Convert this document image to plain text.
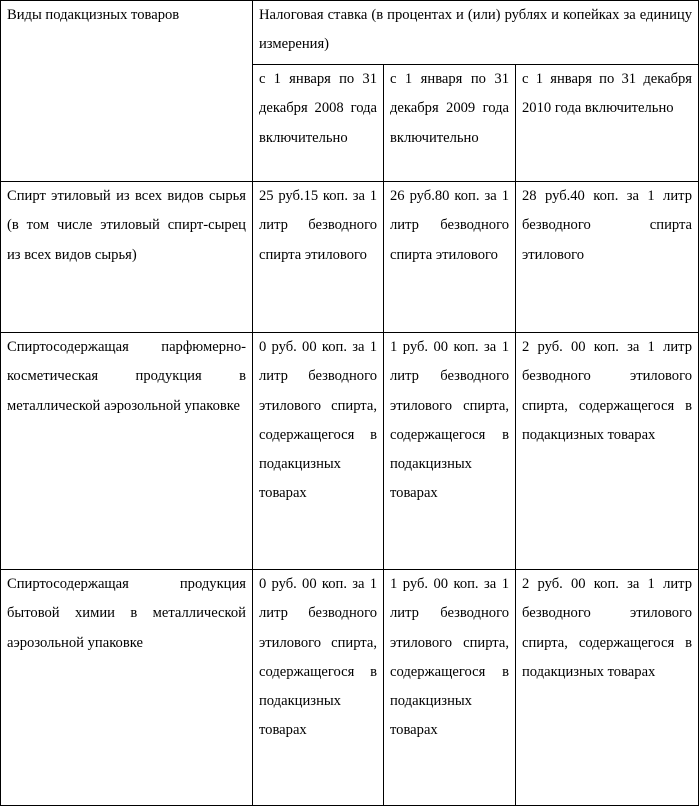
Виды подакцизных товаров	Налоговая ставка (в процентах и (или) рублях и копейках за единицу измерения)		

	с 1 января по 31 декабря 2008 года включительно	с 1 января по 31 декабря 2009 года включительно	с 1 января по 31 декабря 2010 года включительно

Спирт этиловый из всех видов сырья (в том числе этиловый спирт-сырец из всех видов сырья)	25 руб.15 коп. за 1 литр безводного спирта этилового	26 руб.80 коп. за 1 литр безводного спирта этилового	28 руб.40 коп. за 1 литр безводного спирта этилового

Спиртосодержащая парфюмерно-косметическая продукция в металлической аэрозольной упаковке	0 руб. 00 коп. за 1 литр безводного этилового спирта, содержащегося в подакцизных товарах	1 руб. 00 коп. за 1 литр безводного этилового спирта, содержащегося в подакцизных товарах	2 руб. 00 коп. за 1 литр безводного этилового спирта, содержащегося в подакцизных товарах

Спиртосодержащая продукция бытовой химии в металлической аэрозольной упаковке	0 руб. 00 коп. за 1 литр безводного этилового спирта, содержащегося в подакцизных товарах	1 руб. 00 коп. за 1 литр безводного этилового спирта, содержащегося в подакцизных товарах	2 руб. 00 коп. за 1 литр безводного этилового спирта, содержащегося в подакцизных товарах
